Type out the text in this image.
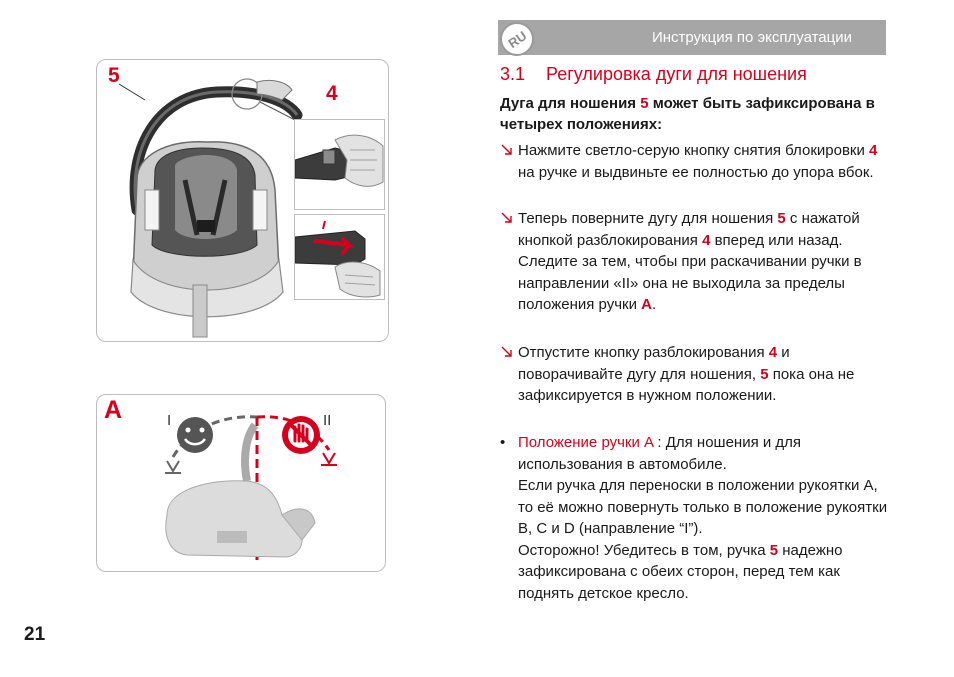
Инструкция по эксплуатации
RU
3.1 Регулировка дуги для ношения
Дуга для ношения 5 может быть зафиксирована в четырех положениях:
Нажмите светло-серую кнопку снятия блокировки 4 на ручке и выдвиньте ее полностью до упора вбок.
Теперь поверните дугу для ношения 5 с нажатой кнопкой разблокирования 4 вперед или назад.
Следите за тем, чтобы при раскачивании ручки в направлении «II» она не выходила за пределы положения ручки A.
Отпустите кнопку разблокирования 4 и поворачивайте дугу для ношения, 5 пока она не зафиксируется в нужном положении.
• Положение ручки A : Для ношения и для использования в автомобиле.
Если ручка для переноски в положении рукоятки A, то её можно повернуть только в положение рукоятки B, C и D (направление “I”).
Осторожно! Убедитесь в том, ручка 5 надежно зафиксирована с обеих сторон, перед тем как поднять детское кресло.
21
5
4
A	I	II
